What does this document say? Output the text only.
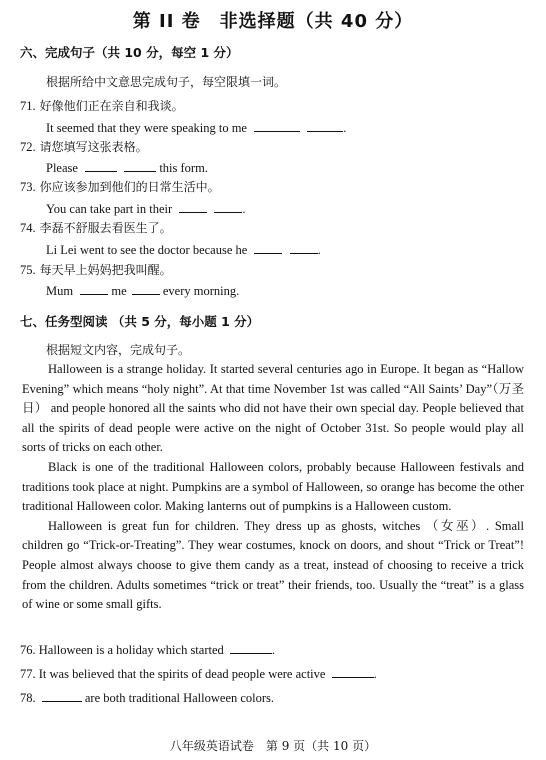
第 II 卷　非选择题（共 40 分）
六、完成句子（共 10 分，每空 1 分）
根据所给中文意思完成句子，每空限填一词。
71. 好像他们正在亲自和我谈。
It seemed that they were speaking to me	.
72. 请您填写这张表格。
Please	this form.
73. 你应该参加到他们的日常生活中。
You can take part in their	.
74. 李磊不舒服去看医生了。
Li Lei went to see the doctor because he	.
75. 每天早上妈妈把我叫醒。
Mum	me	every morning.
七、任务型阅读 （共 5 分，每小题 1 分）
根据短文内容，完成句子。

Halloween is a strange holiday. It started several centuries ago in Europe. It began as “Hallow Evening” which means “holy night”. At that time November 1st was called “All Saints’ Day”（万圣日） and people honored all the saints who did not have their own special day. People believed that all the spirits of dead people were active on the night of October 31st. So people would play all sorts of tricks on each other.

Black is one of the traditional Halloween colors, probably because Halloween festivals and traditions took place at night. Pumpkins are a symbol of Halloween, so orange has become the other traditional Halloween color. Making lanterns out of pumpkins is a Halloween custom.

Halloween is great fun for children. They dress up as ghosts, witches （女巫）. Small children go “Trick-or-Treating”. They wear costumes, knock on doors, and shout “Trick or Treat”! People almost always choose to give them candy as a treat, instead of choosing to receive a trick from the children. Adults sometimes “trick or treat” their friends, too. Usually the “treat” is a glass of wine or some small gifts.

76. Halloween is a holiday which started	.
77. It was believed that the spirits of dead people were active	.
78.	are both traditional Halloween colors.
八年级英语试卷　第 9 页（共 10 页）
